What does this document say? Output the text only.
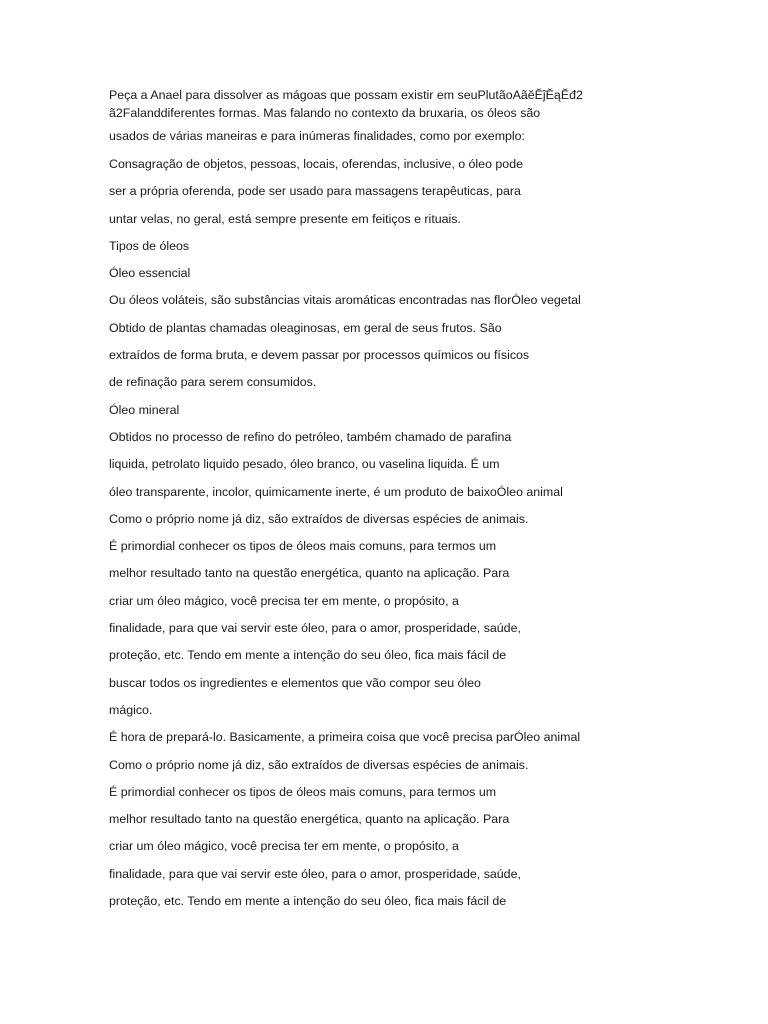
Peça a Anael para dissolver as mágoas que possam existir em seuPlutãoAãĕĔĵĚąĔđ2
ã2Falanddiferentes formas. Mas falando no contexto da bruxaria, os óleos são
usados de várias maneiras e para inúmeras finalidades, como por exemplo:
Consagração de objetos, pessoas, locais, oferendas, inclusive, o óleo pode
ser a própria oferenda, pode ser usado para massagens terapêuticas, para
untar velas, no geral, está sempre presente em feitiços e rituais.
Tipos de óleos
Óleo essencial
Ou óleos voláteis, são substâncias vitais aromáticas encontradas nas florÓleo vegetal
Obtido de plantas chamadas oleaginosas, em geral de seus frutos. São
extraídos de forma bruta, e devem passar por processos químicos ou físicos
de refinação para serem consumidos.
Óleo mineral
Obtidos no processo de refino do petróleo, também chamado de parafina
liquida, petrolato liquido pesado, óleo branco, ou vaselina liquida. É um
óleo transparente, incolor, quimicamente inerte, é um produto de baixoÓleo animal
Como o próprio nome já diz, são extraídos de diversas espécies de animais.
É primordial conhecer os tipos de óleos mais comuns, para termos um
melhor resultado tanto na questão energética, quanto na aplicação. Para
criar um óleo mágico, você precisa ter em mente, o propósito, a
finalidade, para que vai servir este óleo, para o amor, prosperidade, saúde,
proteção, etc. Tendo em mente a intenção do seu óleo, fica mais fácil de
buscar todos os ingredientes e elementos que vão compor seu óleo
mágico.
É hora de prepará-lo. Basicamente, a primeira coisa que você precisa parÓleo animal
Como o próprio nome já diz, são extraídos de diversas espécies de animais.
É primordial conhecer os tipos de óleos mais comuns, para termos um
melhor resultado tanto na questão energética, quanto na aplicação. Para
criar um óleo mágico, você precisa ter em mente, o propósito, a
finalidade, para que vai servir este óleo, para o amor, prosperidade, saúde,
proteção, etc. Tendo em mente a intenção do seu óleo, fica mais fácil de
